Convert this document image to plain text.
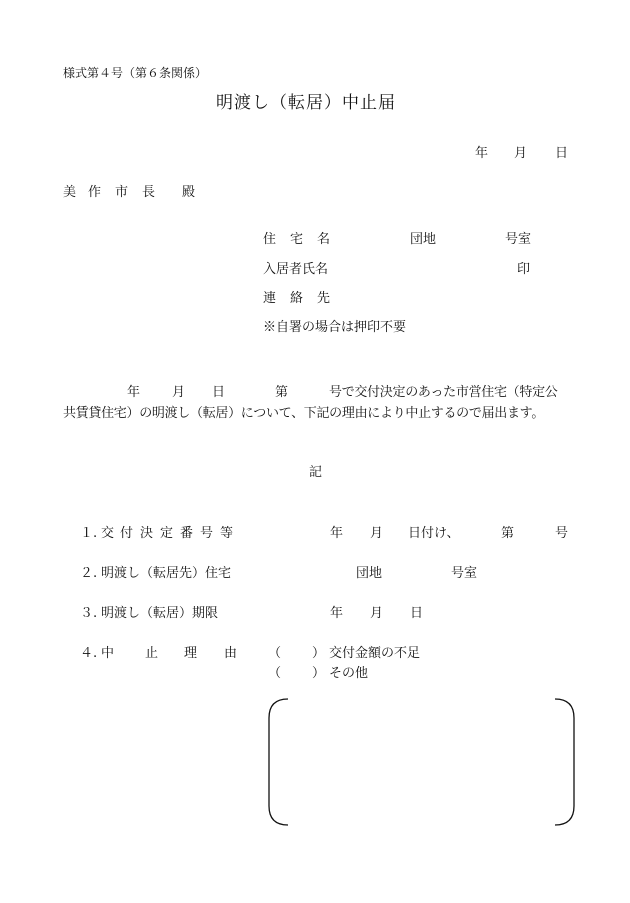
様式第４号（第６条関係）
明渡し（転居）中止届
年 月 日
美 作 市 長 殿
住 宅 名	団地	号室
入居者氏名	印
連 絡 先
※自署の場合は押印不要
年 月 日	第	号で交付決定のあった市営住宅（特定公
共賃貸住宅）の明渡し（転居）について、下記の理由により中止するので届出ます。
記
１. 交 付 決 定 番 号 等	年 月 日付け、	第	号
２. 明渡し（転居先）住宅	団地	号室
３. 明渡し（転居）期限	年 月 日
４. 中 止 理 由 （ ） 交付金額の不足
（ ） その他
